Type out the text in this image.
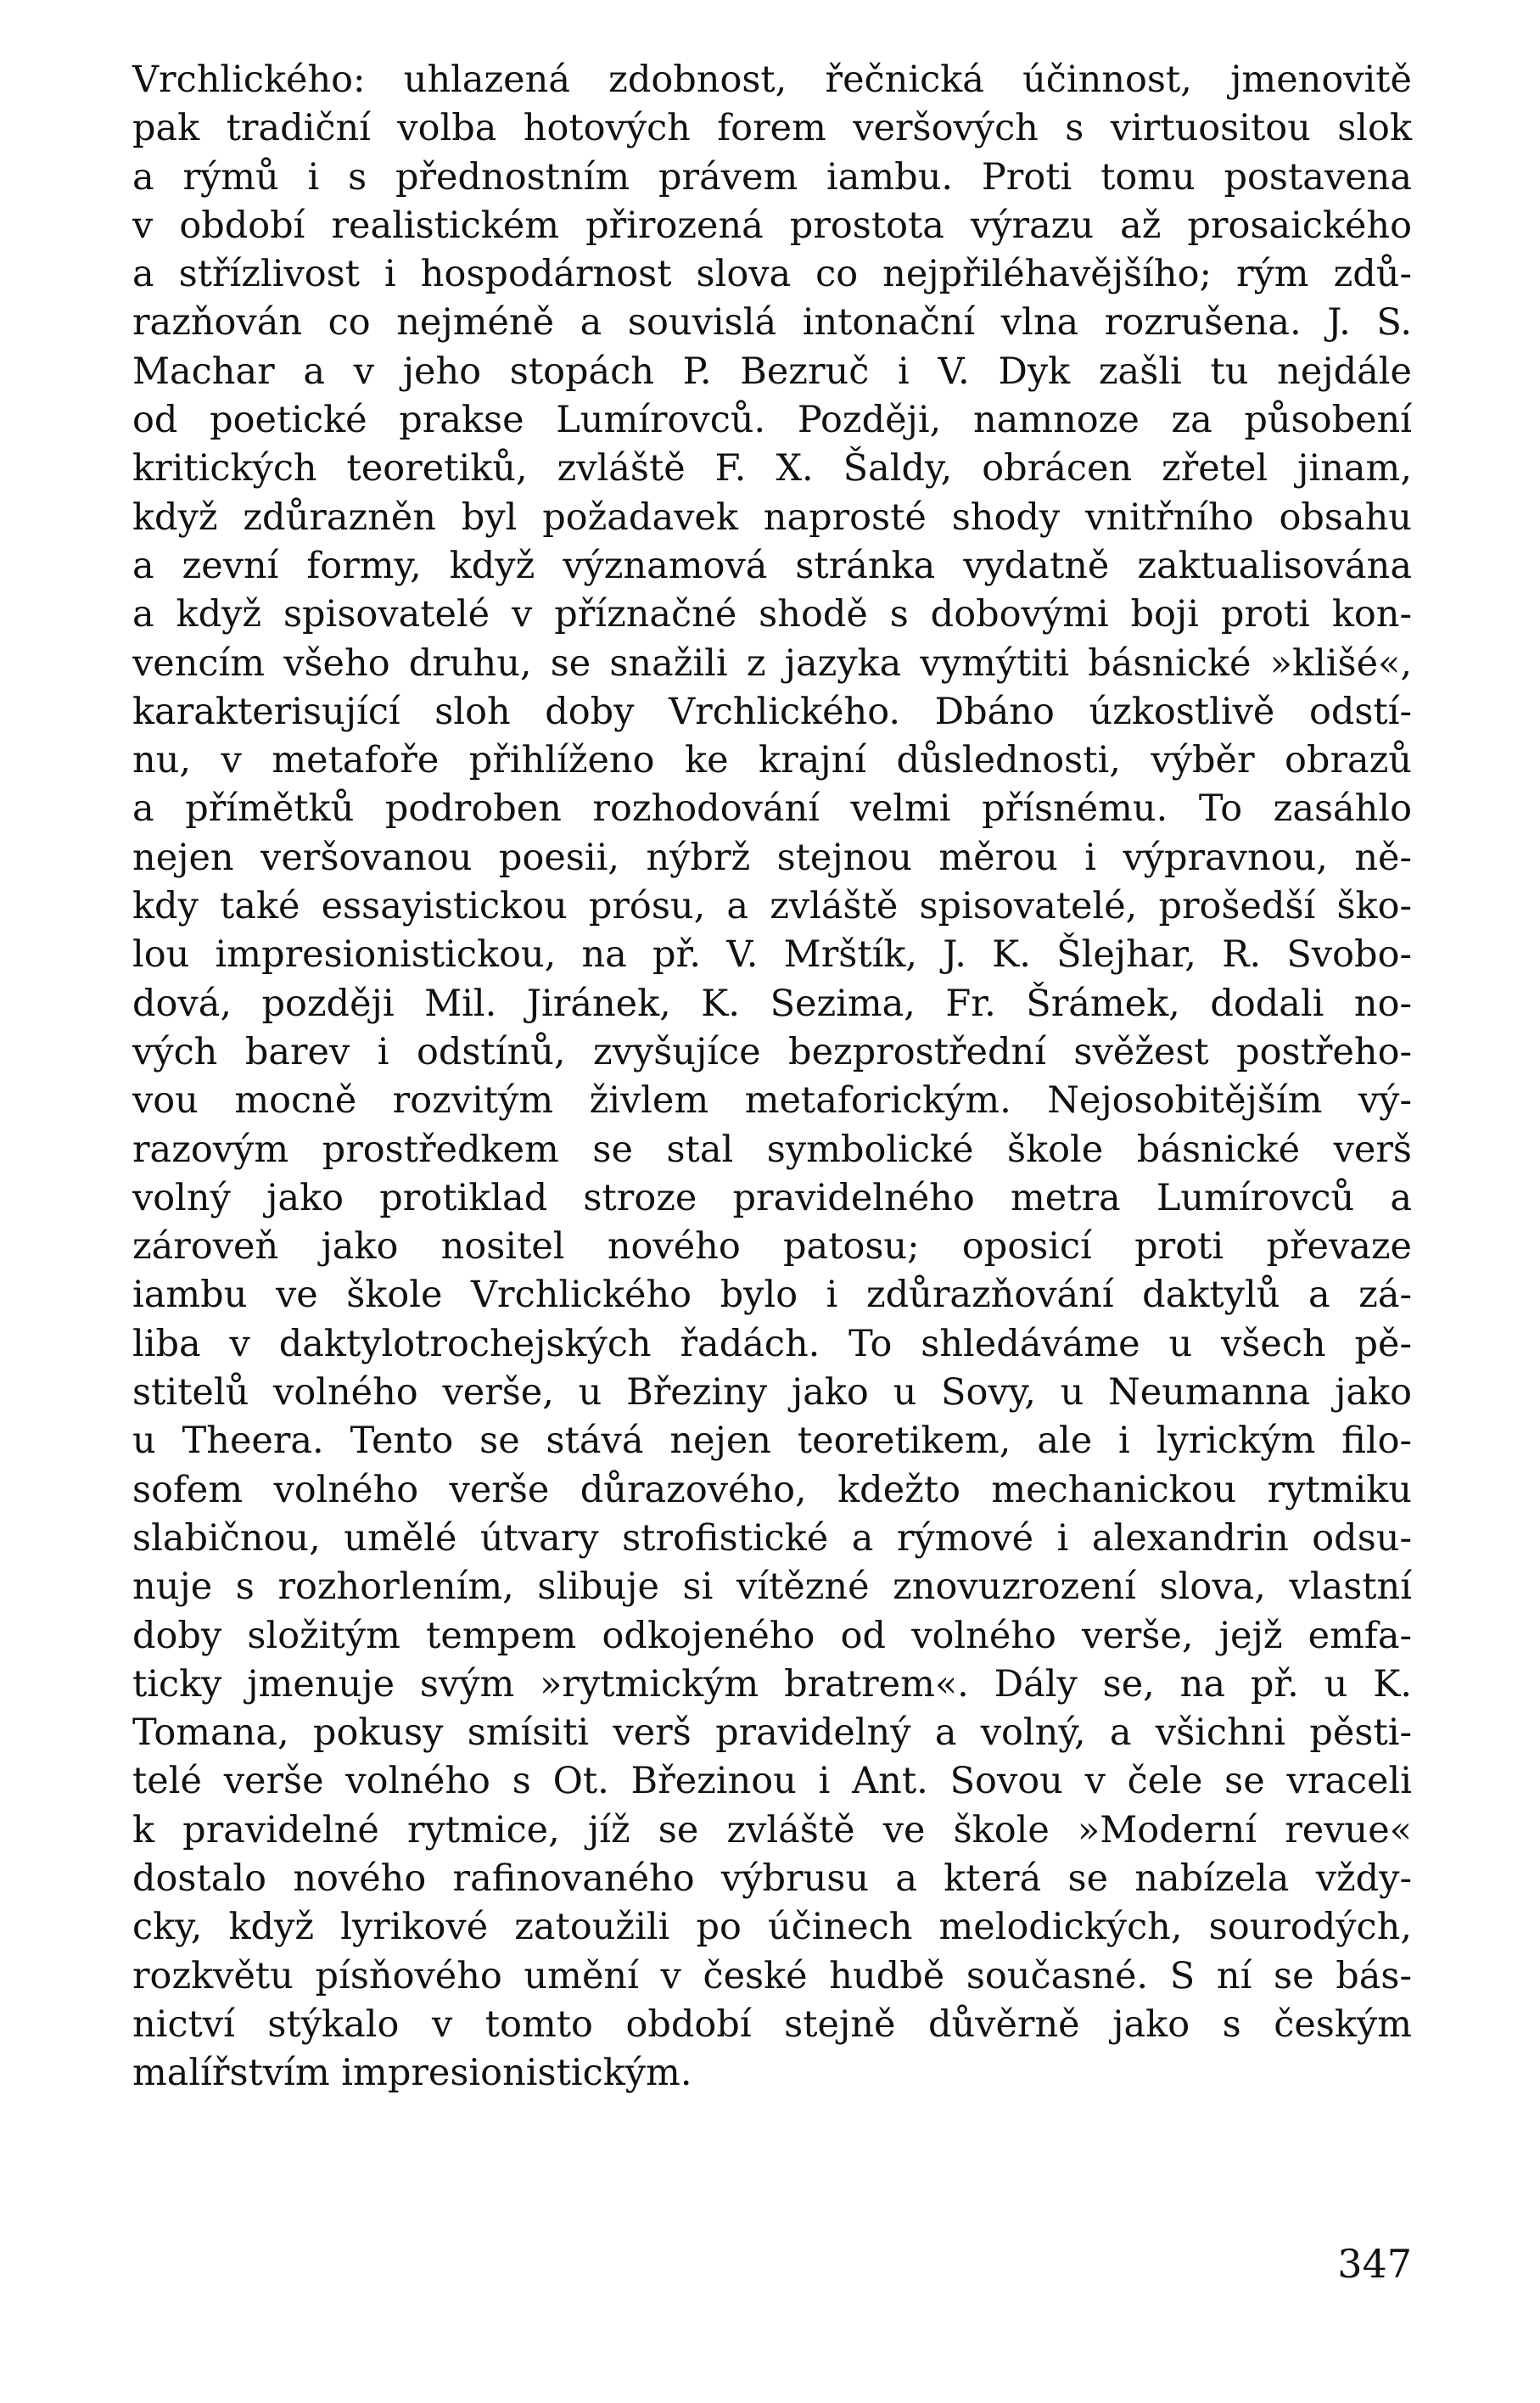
Vrchlického: uhlazená zdobnost, řečnická účinnost, jmenovitě
pak tradiční volba hotových forem veršových s virtuositou slok
a rýmů i s přednostním právem iambu. Proti tomu postavena
v období realistickém přirozená prostota výrazu až prosaického
a střízlivost i hospodárnost slova co nejpřiléhavějšího; rým zdů-
razňován co nejméně a souvislá intonační vlna rozrušena. J. S.
Machar a v jeho stopách P. Bezruč i V. Dyk zašli tu nejdále
od poetické prakse Lumírovců. Později, namnoze za působení
kritických teoretiků, zvláště F. X. Šaldy, obrácen zřetel jinam,
když zdůrazněn byl požadavek naprosté shody vnitřního obsahu
a zevní formy, když významová stránka vydatně zaktualisována
a když spisovatelé v příznačné shodě s dobovými boji proti kon-
vencím všeho druhu, se snažili z jazyka vymýtiti básnické »klišé«,
karakterisující sloh doby Vrchlického. Dbáno úzkostlivě odstí-
nu, v metafoře přihlíženo ke krajní důslednosti, výběr obrazů
a přímětků podroben rozhodování velmi přísnému. To zasáhlo
nejen veršovanou poesii, nýbrž stejnou měrou i výpravnou, ně-
kdy také essayistickou prósu, a zvláště spisovatelé, prošedší ško-
lou impresionistickou, na př. V. Mrštík, J. K. Šlejhar, R. Svobo-
dová, později Mil. Jiránek, K. Sezima, Fr. Šrámek, dodali no-
vých barev i odstínů, zvyšujíce bezprostřední svěžest postřeho-
vou mocně rozvitým živlem metaforickým. Nejosobitějším vý-
razovým prostředkem se stal symbolické škole básnické verš
volný jako protiklad stroze pravidelného metra Lumírovců a
zároveň jako nositel nového patosu; oposicí proti převaze
iambu ve škole Vrchlického bylo i zdůrazňování daktylů a zá-
liba v daktylotrochejských řadách. To shledáváme u všech pě-
stitelů volného verše, u Březiny jako u Sovy, u Neumanna jako
u Theera. Tento se stává nejen teoretikem, ale i lyrickým filo-
sofem volného verše důrazového, kdežto mechanickou rytmiku
slabičnou, umělé útvary strofistické a rýmové i alexandrin odsu-
nuje s rozhorlením, slibuje si vítězné znovuzrození slova, vlastní
doby složitým tempem odkojeného od volného verše, jejž emfa-
ticky jmenuje svým »rytmickým bratrem«. Dály se, na př. u K.
Tomana, pokusy smísiti verš pravidelný a volný, a všichni pěsti-
telé verše volného s Ot. Březinou i Ant. Sovou v čele se vraceli
k pravidelné rytmice, jíž se zvláště ve škole »Moderní revue«
dostalo nového rafinovaného výbrusu a která se nabízela vždy-
cky, když lyrikové zatoužili po účinech melodických, sourodých,
rozkvětu písňového umění v české hudbě současné. S ní se bás-
nictví stýkalo v tomto období stejně důvěrně jako s českým
malířstvím impresionistickým.
347
